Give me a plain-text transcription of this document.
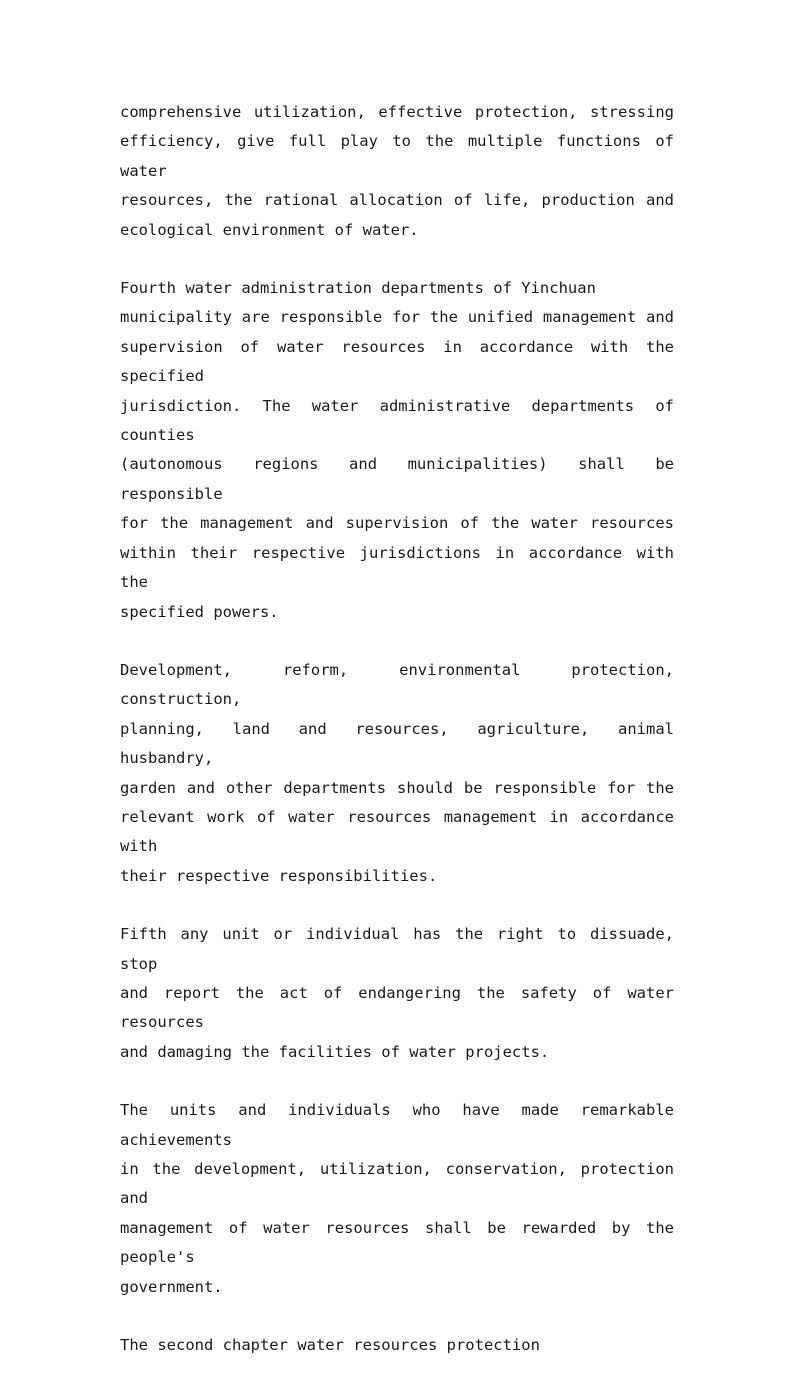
comprehensive utilization, effective protection, stressing
efficiency, give full play to the multiple functions of water
resources, the rational allocation of life, production and
ecological environment of water.

Fourth water administration departments of Yinchuan
municipality are responsible for the unified management and
supervision of water resources in accordance with the specified
jurisdiction. The water administrative departments of counties
(autonomous regions and municipalities) shall be responsible
for the management and supervision of the water resources
within their respective jurisdictions in accordance with the
specified powers.

Development, reform, environmental protection, construction,
planning, land and resources, agriculture, animal husbandry,
garden and other departments should be responsible for the
relevant work of water resources management in accordance with
their respective responsibilities.

Fifth any unit or individual has the right to dissuade, stop
and report the act of endangering the safety of water resources
and damaging the facilities of water projects.

The units and individuals who have made remarkable achievements
in the development, utilization, conservation, protection and
management of water resources shall be rewarded by the people's
government.

The second chapter water resources protection
